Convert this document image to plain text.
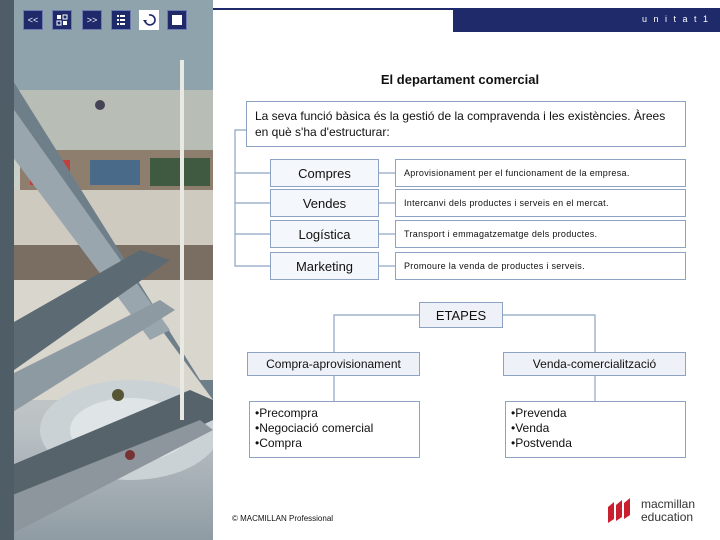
<<	>>	u n i t a t 1
El departament comercial
La seva funció bàsica és la gestió de la compravenda i les existències. Àrees en què s'ha d'estructurar:
Compres	Aprovisionament per el funcionament de la empresa.
Vendes	Intercanvi dels productes i serveis en el mercat.
Logística	Transport i emmagatzematge dels productes.
Marketing	Promoure la venda de productes i serveis.
ETAPES
Compra-aprovisionament	Venda-comercialització
•Precompra
•Negociació comercial
•Compra
•Prevenda
•Venda
•Postvenda
© MACMILLAN Professional
macmillan
education
